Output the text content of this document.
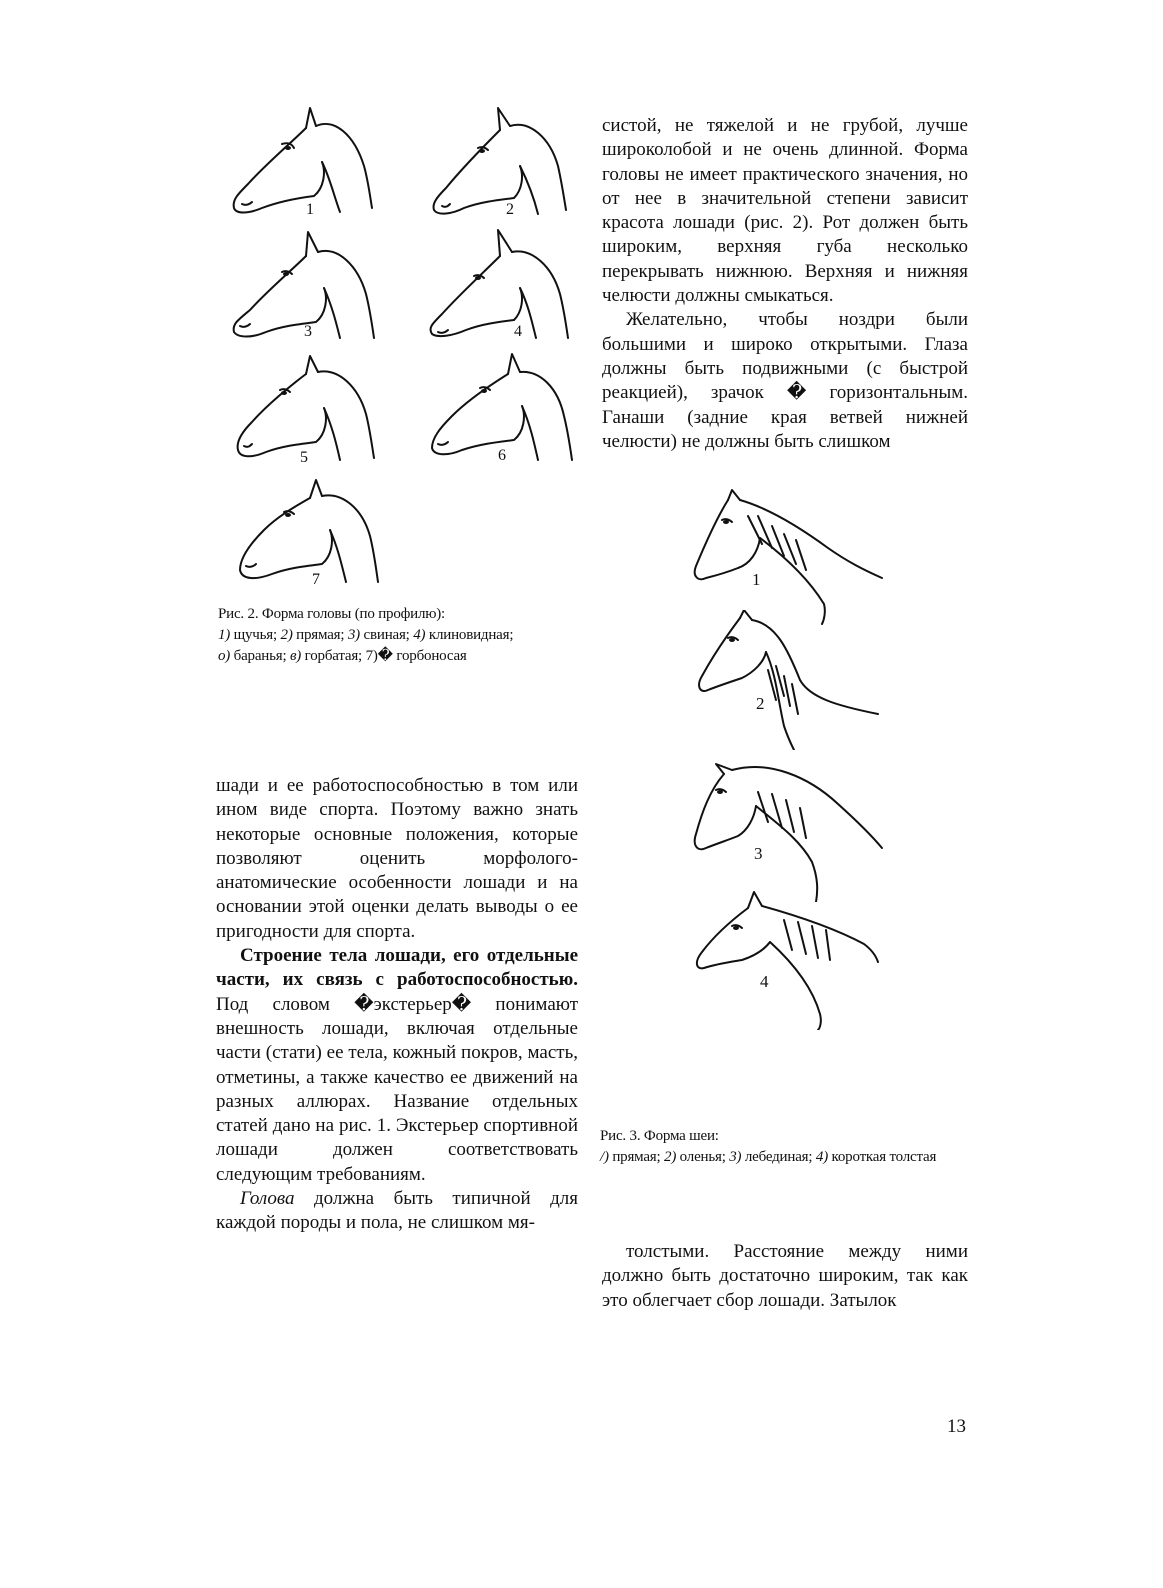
1	2
3	4
5	6
7

Рис. 2. Форма головы (по профилю):

1) щучья; 2) прямая; 3) свиная; 4) клиновидная; о) баранья; в) горбатая; 7)� горбоносая

систой, не тяжелой и не грубой, лучше широколобой и не очень длинной. Форма головы не имеет практического значения, но от нее в значительной степени зависит красота лошади (рис. 2). Рот должен быть широким, верхняя губа несколько перекрывать нижнюю. Верхняя и нижняя челюсти должны смыкаться.

Желательно, чтобы ноздри были большими и широко открытыми. Глаза должны быть подвижными (с быстрой реакцией), зрачок � горизонтальным. Ганаши (задние края ветвей нижней челюсти) не должны быть слишком

1
2
3
4

Рис. 3. Форма шеи:

/) прямая; 2) оленья; 3) лебединая; 4) короткая толстая

шади и ее работоспособностью в том или ином виде спорта. Поэтому важно знать некоторые основные положения, которые позволяют оценить морфолого-анатомические особенности лошади и на основании этой оценки делать выводы о ее пригодности для спорта.

Строение тела лошади, его отдельные части, их связь с работоспособностью. Под словом �экстерьер� понимают внешность лошади, включая отдельные части (стати) ее тела, кожный покров, масть, отметины, а также качество ее движений на разных аллюрах. Название отдельных статей дано на рис. 1. Экстерьер спортивной лошади должен соответствовать следующим требованиям.

Голова должна быть типичной для каждой породы и пола, не слишком мя-

толстыми. Расстояние между ними должно быть достаточно широким, так как это облегчает сбор лошади. Затылок

13
